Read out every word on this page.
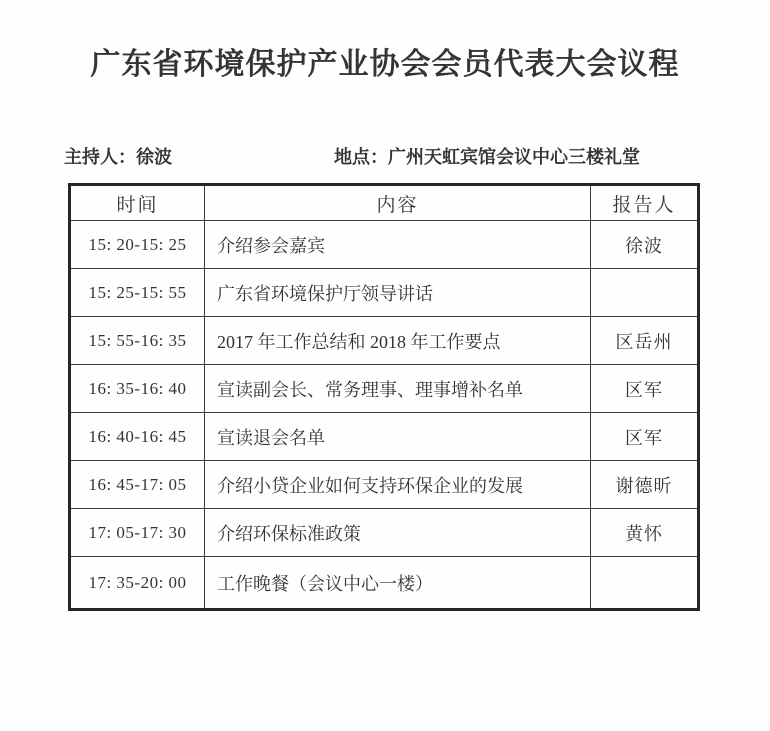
广东省环境保护产业协会会员代表大会议程
主持人：徐波	地点：广州天虹宾馆会议中心三楼礼堂
时间	内容	报告人
15: 20-15: 25	介绍参会嘉宾	徐波
15: 25-15: 55	广东省环境保护厅领导讲话	
15: 55-16: 35	2017 年工作总结和 2018 年工作要点	区岳州
16: 35-16: 40	宣读副会长、常务理事、理事增补名单	区军
16: 40-16: 45	宣读退会名单	区军
16: 45-17: 05	介绍小贷企业如何支持环保企业的发展	谢德昕
17: 05-17: 30	介绍环保标准政策	黄怀
17: 35-20: 00	工作晚餐（会议中心一楼）	
